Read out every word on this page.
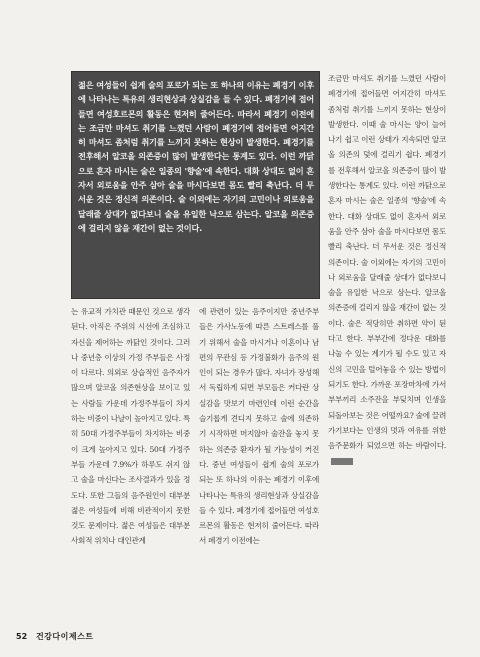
젊은 여성들이 쉽게 술의 포로가 되는 또 하나의 이유는 폐경기 이후에 나타나는 특유의 생리현상과 상실감을 들 수 있다. 폐경기에 접어들면 여성호르몬의 활동은 현저히 줄어든다. 따라서 폐경기 이전에는 조금만 마셔도 취기를 느꼈던 사람이 폐경기에 접어들면 어지간히 마셔도 좀처럼 취기를 느끼지 못하는 현상이 발생한다. 폐경기를 전후해서 알코올 의존증이 많이 발생한다는 통계도 있다. 이런 까닭으로 혼자 마시는 술은 일종의 '향술'에 속한다. 대화 상대도 없이 혼자서 외로움을 안주 삼아 술을 마시다보면 몸도 빨리 축난다. 더 무서운 것은 정신적 의존이다. 술 이외에는 자기의 고민이나 외로움을 달래줄 상대가 없다보니 술을 유일한 낙으로 삼는다. 알코올 의존증에 걸리지 않을 재간이 없는 것이다.

조금만 마셔도 취기를 느꼈던 사람이 폐경기에 접어들면 어지간히 마셔도 좀처럼 취기를 느끼지 못하는 현상이 발생한다. 이때 술 마시는 양이 늘어나기 쉽고 이런 상태가 지속되면 알코올 의존의 덫에 걸리기 쉽다. 폐경기를 전후해서 알코올 의존증이 많이 발생한다는 통계도 있다. 이런 까닭으로 혼자 마시는 술은 일종의 '향술'에 속한다. 대화 상대도 없이 혼자서 외로움을 안주 삼아 술을 마시다보면 몸도 빨리 축난다. 더 무서운 것은 정신적 의존이다. 술 이외에는 자기의 고민이나 외로움을 달래줄 상대가 없다보니 술을 유일한 낙으로 삼는다. 알코올 의존증에 걸리지 않을 재간이 없는 것이다. 술은 적당히만 취하면 약이 된다고 한다. 부부간에 정다운 대화를 나눌 수 있는 계기가 될 수도 있고 자신의 고민을 털어놓을 수 있는 방법이 되기도 한다. 가까운 포장마차에 가서 부부끼리 소주잔을 부딪치며 인생을 되돌아보는 것은 어떨까요? 술에 끌려가기보다는 인생의 멋과 여유를 위한 음주문화가 되었으면 하는 바람이다.

는 유교적 가치관 때문인 것으로 생각된다. 아직은 주위의 시선에 조심하고 자신을 제어하는 까닭인 것이다. 그러나 중년층 이상의 가정 주부들은 사정이 다르다. 의외로 상습적인 음주자가 많으며 알코올 의존현상을 보이고 있는 사람들 가운데 가정주부들이 차지하는 비중이 나날이 높아지고 있다. 특히 50대 가정주부들이 차지하는 비중이 크게 높아지고 있다. 50대 가정주부들 가운데 7.9%가 하루도 쉬지 않고 술을 마신다는 조사결과가 있을 정도다. 또한 그들의 음주원인이 대부분 젊은 여성들에 비해 비관적이지 못한 것도 문제이다. 젊은 여성들은 대부분 사회적 위치나 대인관계

에 관련이 있는 음주이지만 중년주부들은 가사노동에 따른 스트레스를 풀기 위해서 술을 마시거나 이혼이나 남편의 무관심 등 가정불화가 음주의 원인이 되는 경우가 많다. 자녀가 장성해서 독립하게 되면 부모들은 커다란 상실감을 맛보기 마련인데 이런 순간을 슬기롭게 견디지 못하고 술에 의존하기 시작하면 머지않아 술잔을 놓지 못하는 의존증 환자가 될 가능성이 커진다. 중년 여성들이 쉽게 술의 포로가 되는 또 하나의 이유는 폐경기 이후에 나타나는 특유의 생리현상과 상실감을 들 수 있다. 폐경기에 접어들면 여성호르몬의 활동은 현저히 줄어든다. 따라서 폐경기 이전에는

52 건강다이제스트
